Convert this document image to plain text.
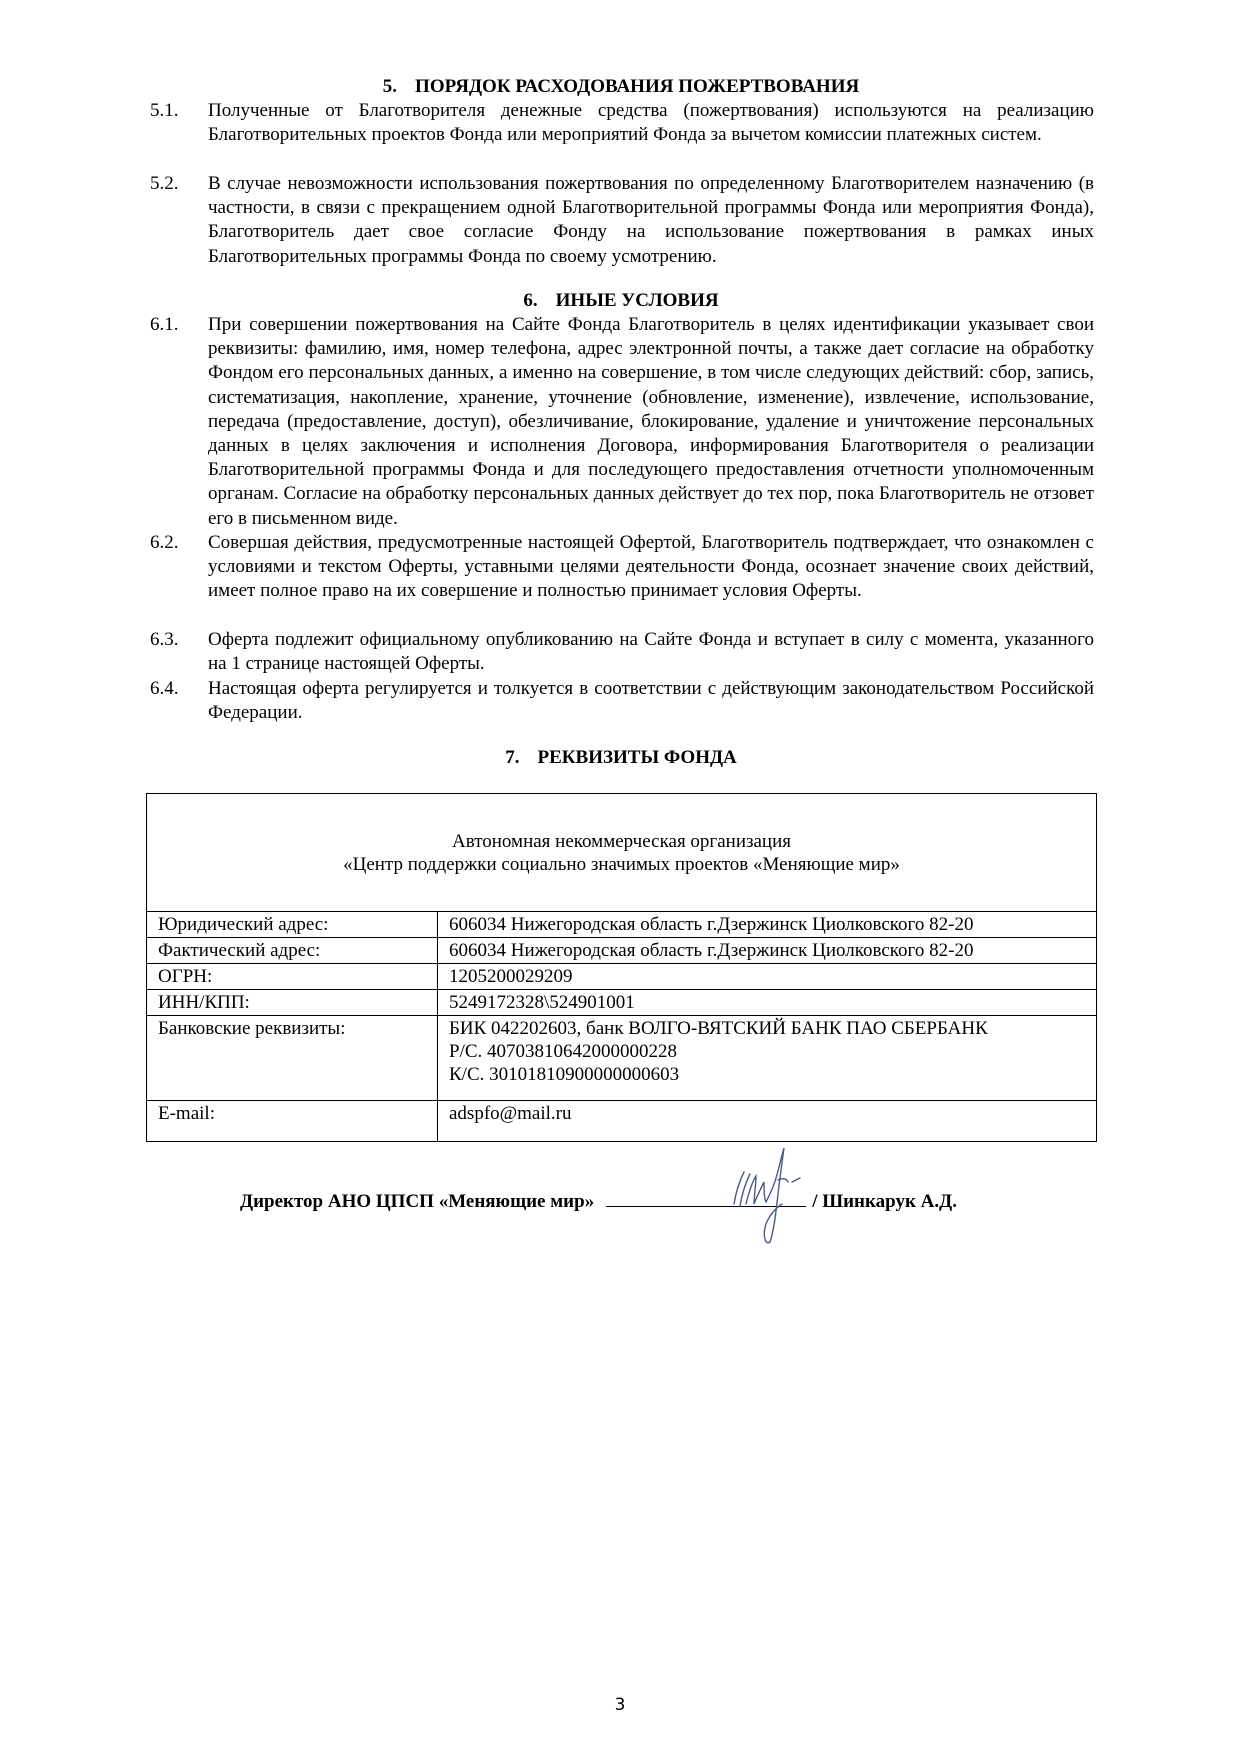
5. ПОРЯДОК РАСХОДОВАНИЯ ПОЖЕРТВОВАНИЯ
5.1.	Полученные от Благотворителя денежные средства (пожертвования) используются на реализацию Благотворительных проектов Фонда или мероприятий Фонда за вычетом комиссии платежных систем.
5.2.	В случае невозможности использования пожертвования по определенному Благотворителем назначению (в частности, в связи с прекращением одной Благотворительной программы Фонда или мероприятия Фонда), Благотворитель дает свое согласие Фонду на использование пожертвования в рамках иных Благотворительных программы Фонда по своему усмотрению.
6. ИНЫЕ УСЛОВИЯ
6.1.	При совершении пожертвования на Сайте Фонда Благотворитель в целях идентификации указывает свои реквизиты: фамилию, имя, номер телефона, адрес электронной почты, а также дает согласие на обработку Фондом его персональных данных, а именно на совершение, в том числе следующих действий: сбор, запись, систематизация, накопление, хранение, уточнение (обновление, изменение), извлечение, использование, передача (предоставление, доступ), обезличивание, блокирование, удаление и уничтожение персональных данных в целях заключения и исполнения Договора, информирования Благотворителя о реализации Благотворительной программы Фонда и для последующего предоставления отчетности уполномоченным органам. Согласие на обработку персональных данных действует до тех пор, пока Благотворитель не отзовет его в письменном виде.
6.2.	Совершая действия, предусмотренные настоящей Офертой, Благотворитель подтверждает, что ознакомлен с условиями и текстом Оферты, уставными целями деятельности Фонда, осознает значение своих действий, имеет полное право на их совершение и полностью принимает условия Оферты.
6.3.	Оферта подлежит официальному опубликованию на Сайте Фонда и вступает в силу с момента, указанного на 1 странице настоящей Оферты.
6.4.	Настоящая оферта регулируется и толкуется в соответствии с действующим законодательством Российской Федерации.
7. РЕКВИЗИТЫ ФОНДА
Автономная некоммерческая организация
«Центр поддержки социально значимых проектов «Меняющие мир»	

Юридический адрес:	606034 Нижегородская область г.Дзержинск Циолковского 82-20
Фактический адрес:	606034 Нижегородская область г.Дзержинск Циолковского 82-20
ОГРН:	1205200029209
ИНН/КПП:	5249172328\524901001
Банковские реквизиты:	БИК 042202603, банк ВОЛГО-ВЯТСКИЙ БАНК ПАО СБЕРБАНК
Р/С. 40703810642000000228
К/С. 30101810900000000603

E-mail:	adspfo@mail.ru
Директор АНО ЦПСП «Меняющие мир»	/ Шинкарук А.Д.
3
